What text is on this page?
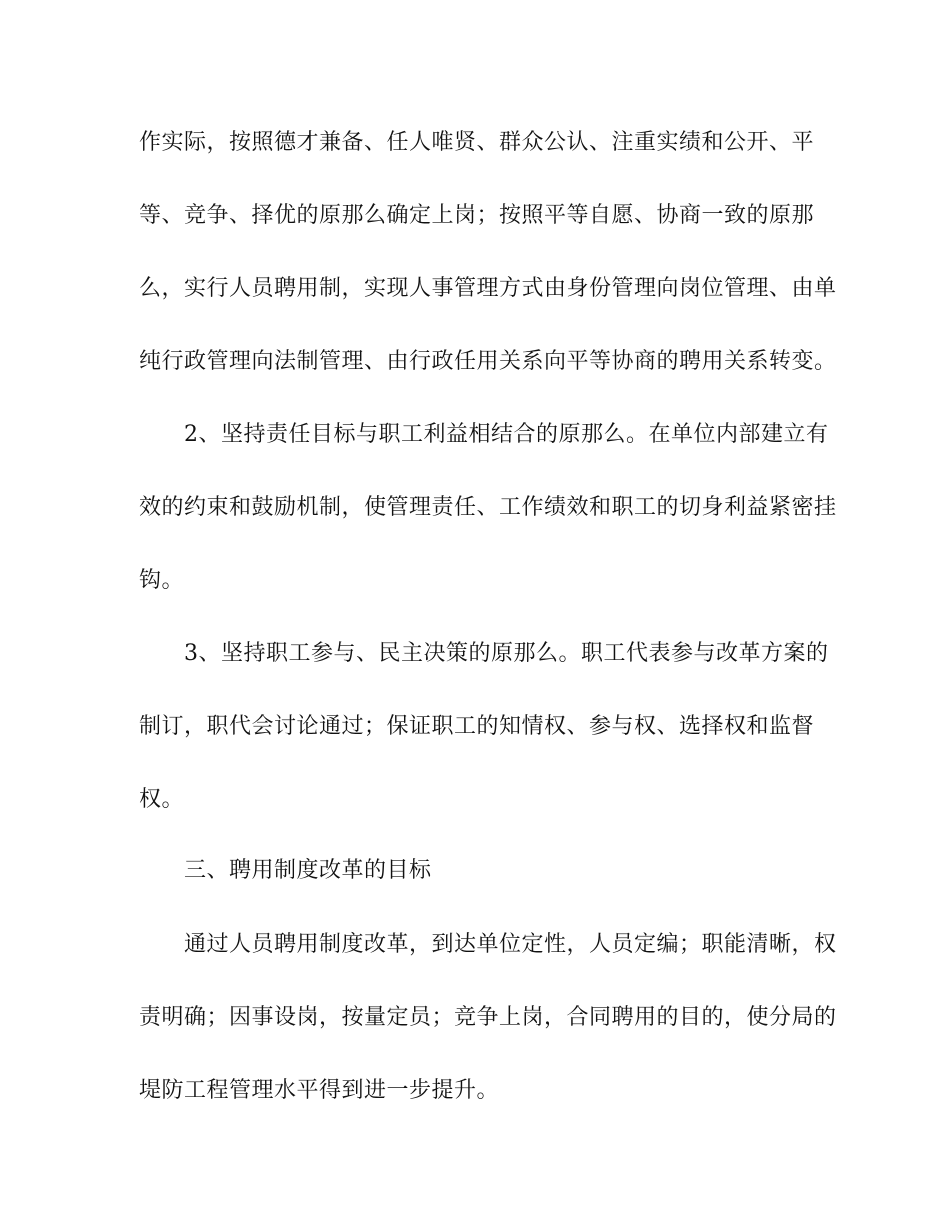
作实际，按照德才兼备、任人唯贤、群众公认、注重实绩和公开、平
等、竞争、择优的原那么确定上岗；按照平等自愿、协商一致的原那
么，实行人员聘用制，实现人事管理方式由身份管理向岗位管理、由单
纯行政管理向法制管理、由行政任用关系向平等协商的聘用关系转变。
2、坚持责任目标与职工利益相结合的原那么。在单位内部建立有
效的约束和鼓励机制，使管理责任、工作绩效和职工的切身利益紧密挂
钩。
3、坚持职工参与、民主决策的原那么。职工代表参与改革方案的
制订，职代会讨论通过；保证职工的知情权、参与权、选择权和监督
权。
三、聘用制度改革的目标
通过人员聘用制度改革，到达单位定性，人员定编；职能清晰，权
责明确；因事设岗，按量定员；竞争上岗，合同聘用的目的，使分局的
堤防工程管理水平得到进一步提升。
